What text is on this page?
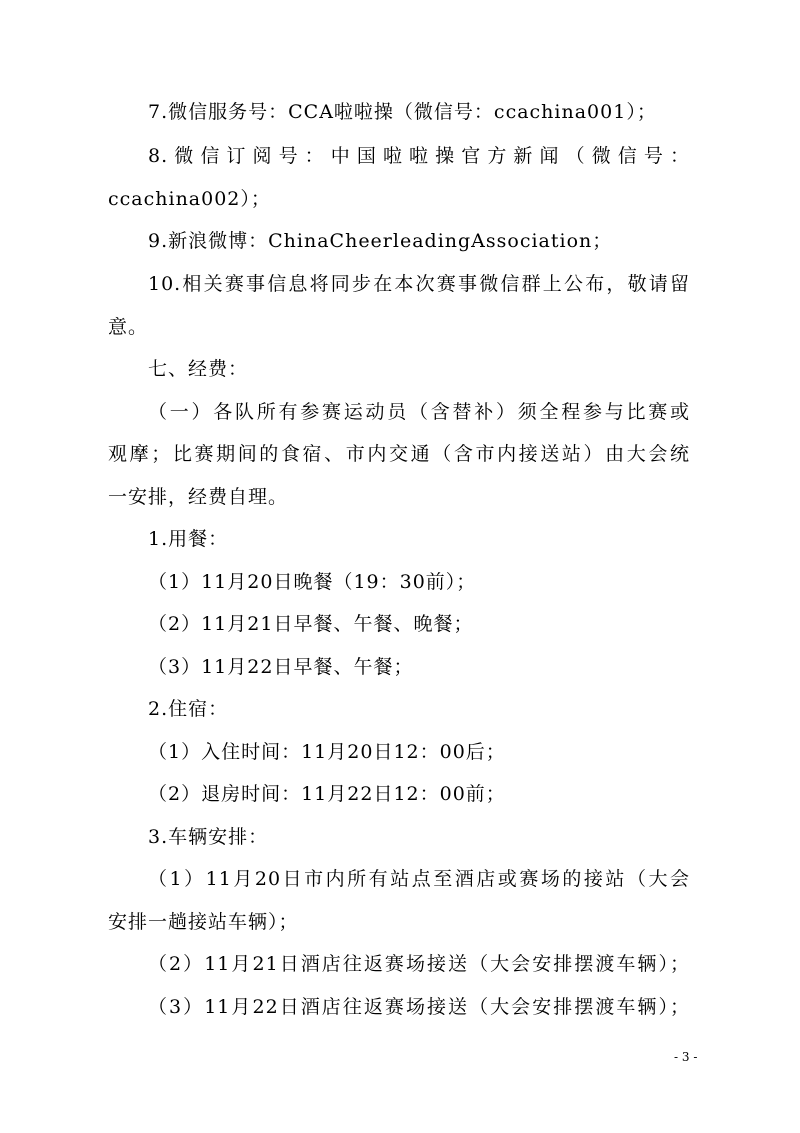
7.微信服务号：CCA啦啦操（微信号：ccachina001）；
8.微信订阅号：中国啦啦操官方新闻（微信号：
ccachina002）；
9.新浪微博：ChinaCheerleadingAssociation；
10.相关赛事信息将同步在本次赛事微信群上公布，敬请留
意。
七、经费：
（一）各队所有参赛运动员（含替补）须全程参与比赛或
观摩；比赛期间的食宿、市内交通（含市内接送站）由大会统
一安排，经费自理。
1.用餐：
（1）11月20日晚餐（19：30前）；
（2）11月21日早餐、午餐、晚餐；
（3）11月22日早餐、午餐；
2.住宿：
（1）入住时间：11月20日12：00后；
（2）退房时间：11月22日12：00前；
3.车辆安排：
（1）11月20日市内所有站点至酒店或赛场的接站（大会
安排一趟接站车辆）；
（2）11月21日酒店往返赛场接送（大会安排摆渡车辆）；
（3）11月22日酒店往返赛场接送（大会安排摆渡车辆）；
- 3 -
